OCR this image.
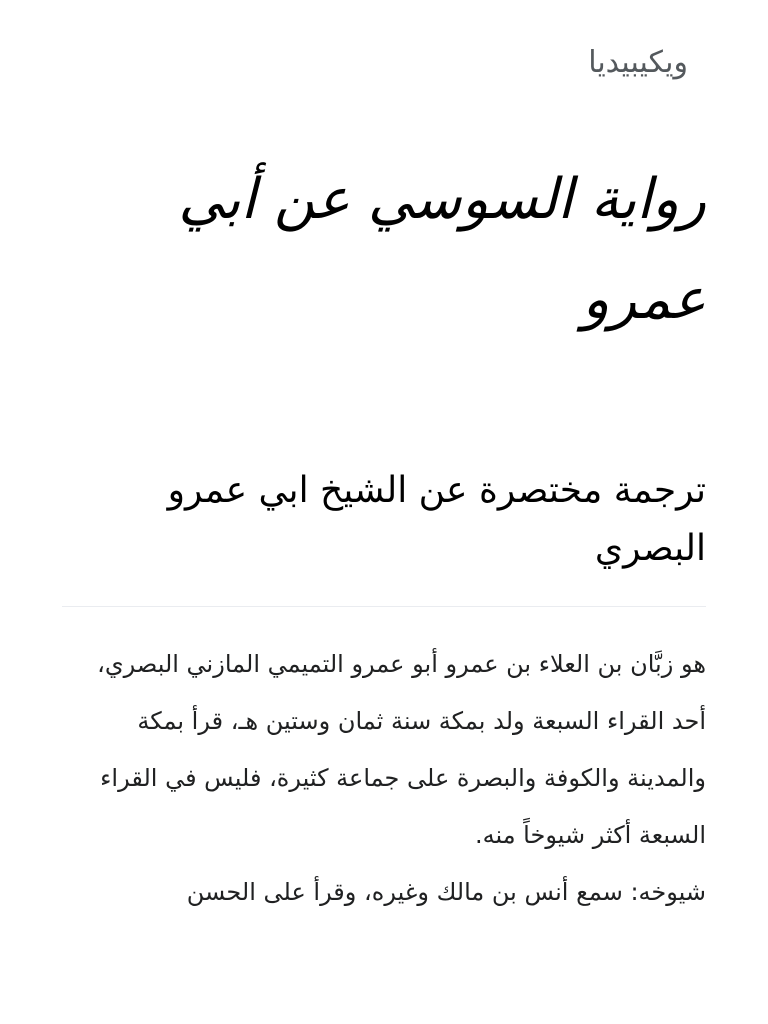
ويكيبيديا
رواية السوسي عن أبي عمرو
ترجمة مختصرة عن الشيخ ابي عمرو البصري

هو زبَّان بن العلاء بن عمرو أبو عمرو التميمي المازني البصري، أحد القراء السبعة ولد بمكة سنة ثمان وستين هـ، قرأ بمكة والمدينة والكوفة والبصرة على جماعة كثيرة، فليس في القراء السبعة أكثر شيوخاً منه.

شيوخه: سمع أنس بن مالك وغيره، وقرأ على الحسن
